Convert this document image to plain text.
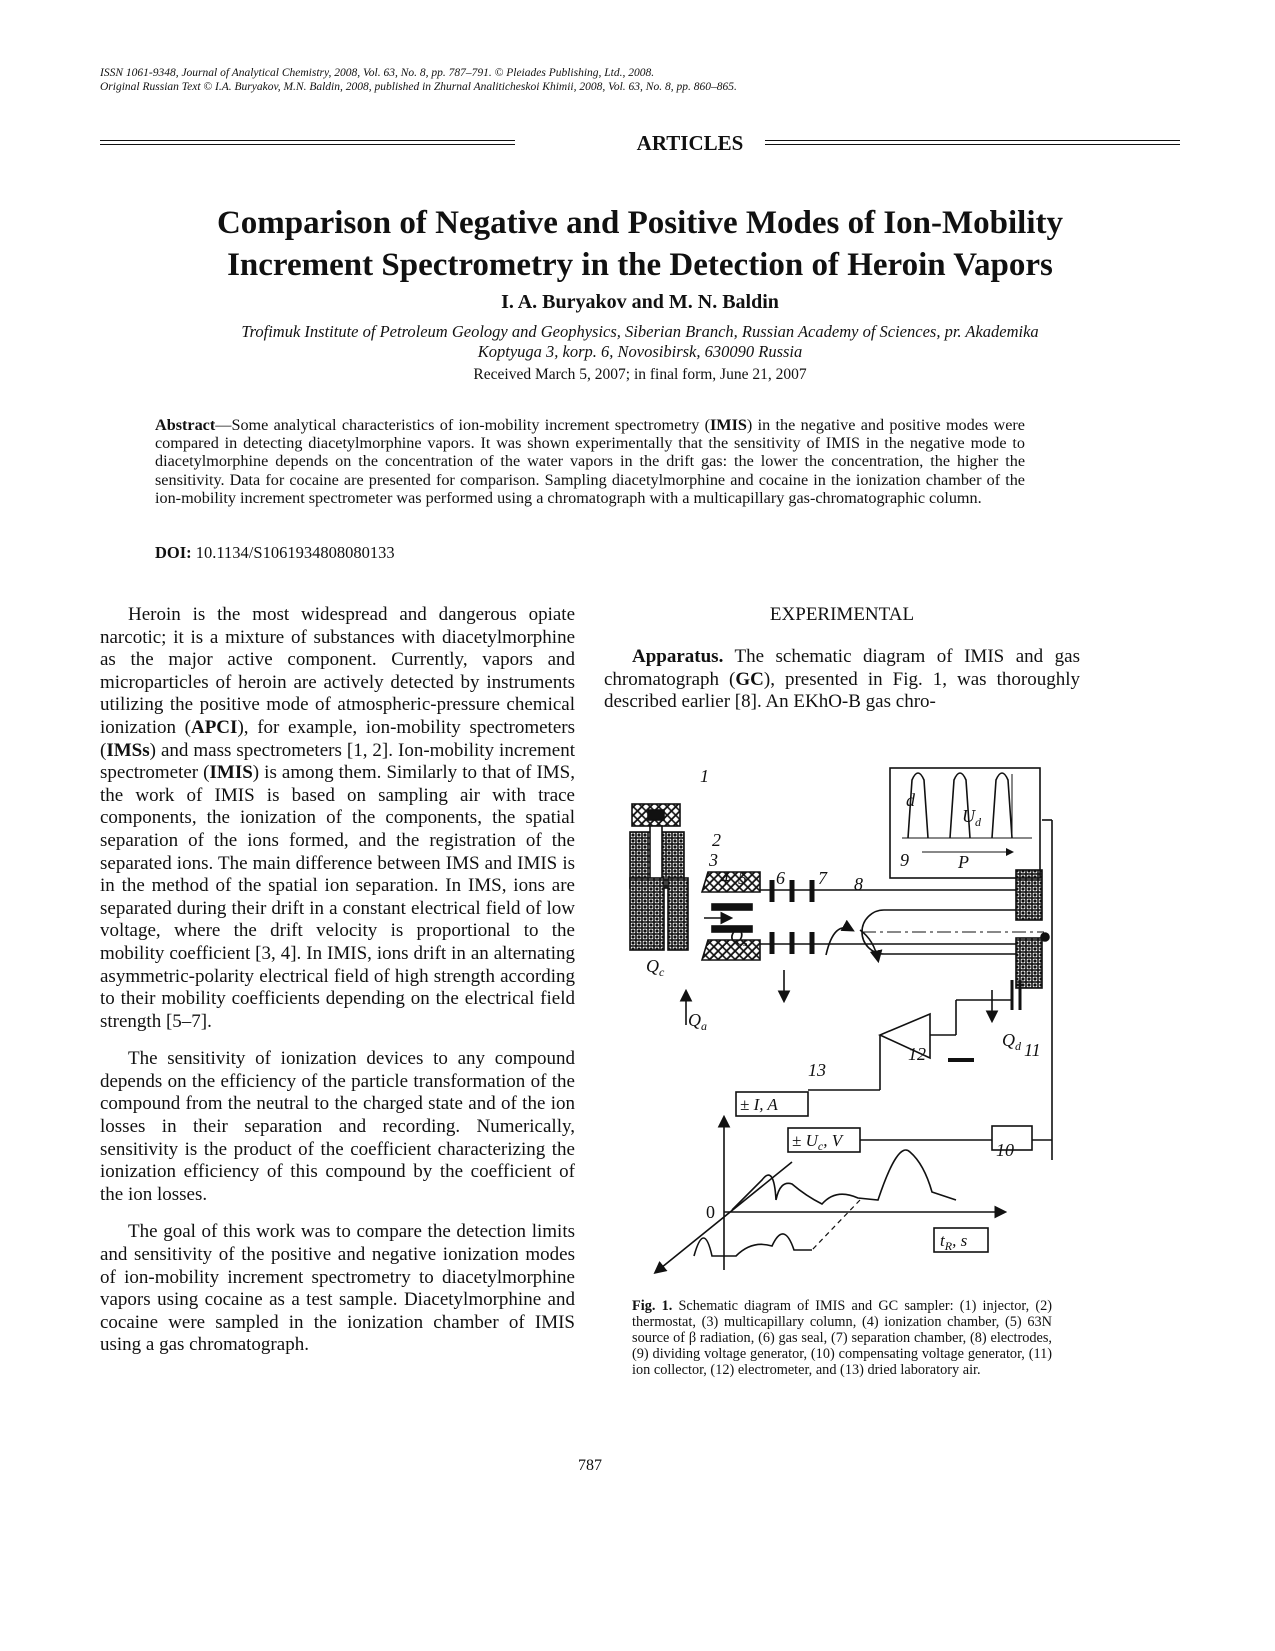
ISSN 1061-9348, Journal of Analytical Chemistry, 2008, Vol. 63, No. 8, pp. 787–791. © Pleiades Publishing, Ltd., 2008.
Original Russian Text © I.A. Buryakov, M.N. Baldin, 2008, published in Zhurnal Analiticheskoi Khimii, 2008, Vol. 63, No. 8, pp. 860–865.
ARTICLES
Comparison of Negative and Positive Modes of Ion-Mobility
Increment Spectrometry in the Detection of Heroin Vapors
I. A. Buryakov and M. N. Baldin
Trofimuk Institute of Petroleum Geology and Geophysics, Siberian Branch, Russian Academy of Sciences, pr. Akademika
Koptyuga 3, korp. 6, Novosibirsk, 630090 Russia
Received March 5, 2007; in final form, June 21, 2007
Abstract—Some analytical characteristics of ion-mobility increment spectrometry (IMIS) in the negative and positive modes were compared in detecting diacetylmorphine vapors. It was shown experimentally that the sensitivity of IMIS in the negative mode to diacetylmorphine depends on the concentration of the water vapors in the drift gas: the lower the concentration, the higher the sensitivity. Data for cocaine are presented for comparison. Sampling diacetylmorphine and cocaine in the ionization chamber of the ion-mobility increment spectrometer was performed using a chromatograph with a multicapillary gas-chromatographic column.
DOI: 10.1134/S1061934808080133

Heroin is the most widespread and dangerous opiate narcotic; it is a mixture of substances with diacetylmorphine as the major active component. Currently, vapors and microparticles of heroin are actively detected by instruments utilizing the positive mode of atmospheric-pressure chemical ionization (APCI), for example, ion-mobility spectrometers (IMSs) and mass spectrometers [1, 2]. Ion-mobility increment spectrometer (IMIS) is among them. Similarly to that of IMS, the work of IMIS is based on sampling air with trace components, the ionization of the components, the spatial separation of the ions formed, and the registration of the separated ions. The main difference between IMS and IMIS is in the method of the spatial ion separation. In IMS, ions are separated during their drift in a constant electrical field of low voltage, where the drift velocity is proportional to the mobility coefficient [3, 4]. In IMIS, ions drift in an alternating asymmetric-polarity electrical field of high strength according to their mobility coefficients depending on the electrical field strength [5–7].

The sensitivity of ionization devices to any compound depends on the efficiency of the particle transformation of the compound from the neutral to the charged state and of the ion losses in their separation and recording. Numerically, sensitivity is the product of the coefficient characterizing the ionization efficiency of this compound by the coefficient of the ion losses.

The goal of this work was to compare the detection limits and sensitivity of the positive and negative ionization modes of ion-mobility increment spectrometry to diacetylmorphine vapors using cocaine as a test sample. Diacetylmorphine and cocaine were sampled in the ionization chamber of IMIS using a gas chromatograph.

EXPERIMENTAL

Apparatus. The schematic diagram of IMIS and gas chromatograph (GC), presented in Fig. 1, was thoroughly described earlier [8]. An EKhO-B gas chro-

1
2
3
4 5 6 7 8
9
10
11
12
13
d
$U_d$
P
$Q_s$
$Q_c$
$Q_a$
$Q_d$
± I, A
± $U_c$, V
0
$t_R$, s
Fig. 1. Schematic diagram of IMIS and GC sampler: (1) injector, (2) thermostat, (3) multicapillary column, (4) ionization chamber, (5) 63N source of β radiation, (6) gas seal, (7) separation chamber, (8) electrodes, (9) dividing voltage generator, (10) compensating voltage generator, (11) ion collector, (12) electrometer, and (13) dried laboratory air.
787
